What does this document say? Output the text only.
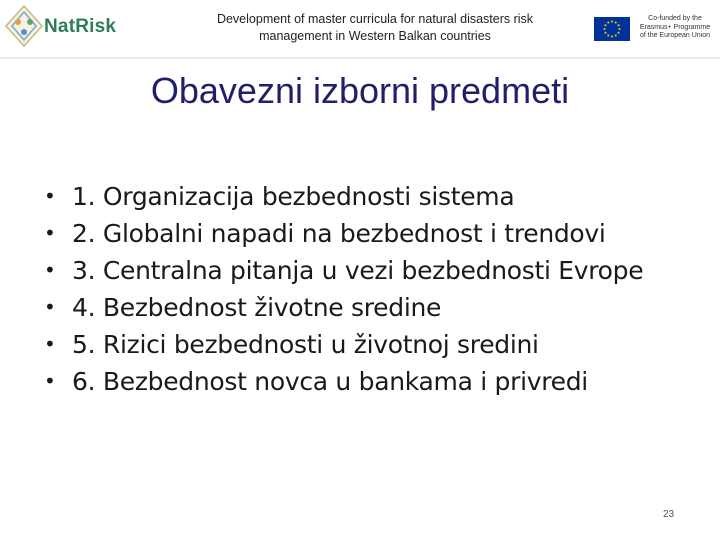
NatRisk	Development of master curricula for natural disasters risk
management in Western Balkan countries
Co-funded by the
Erasmus+ Programme
of the European Union
Obavezni izborni predmeti
• 1. Organizacija bezbednosti sistema
• 2. Globalni napadi na bezbednost i trendovi
• 3. Centralna pitanja u vezi bezbednosti Evrope
• 4. Bezbednost životne sredine
• 5. Rizici bezbednosti u životnoj sredini
• 6. Bezbednost novca u bankama i privredi
23
